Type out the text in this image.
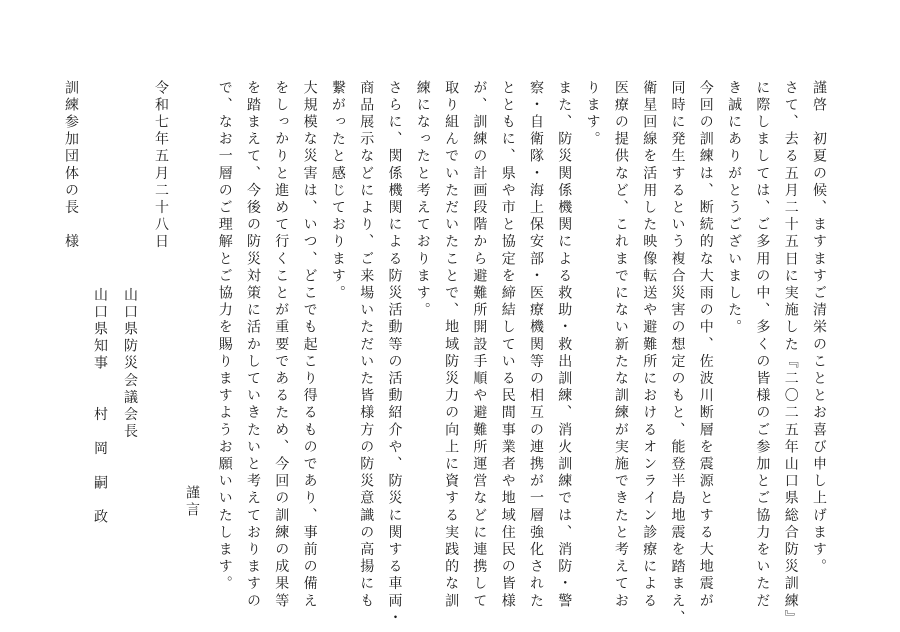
謹啓　初夏の候、ますますご清栄のこととお喜び申し上げます。
さて、去る五月二十五日に実施した『二〇二五年山口県総合防災訓練』
に際しましては、ご多用の中、多くの皆様のご参加とご協力をいただ
き誠にありがとうございました。
今回の訓練は、断続的な大雨の中、佐波川断層を震源とする大地震が
同時に発生するという複合災害の想定のもと、能登半島地震を踏まえ、
衛星回線を活用した映像転送や避難所におけるオンライン診療による
医療の提供など、これまでにない新たな訓練が実施できたと考えてお
ります。
また、防災関係機関による救助・救出訓練、消火訓練では、消防・警
察・自衛隊・海上保安部・医療機関等の相互の連携が一層強化された
とともに、県や市と協定を締結している民間事業者や地域住民の皆様
が、訓練の計画段階から避難所開設手順や避難所運営などに連携して
取り組んでいただいたことで、地域防災力の向上に資する実践的な訓
練になったと考えております。
さらに、関係機関による防災活動等の活動紹介や、防災に関する車両・
商品展示などにより、ご来場いただいた皆様方の防災意識の高揚にも
繋がったと感じております。
大規模な災害は、いつ、どこでも起こり得るものであり、事前の備え
をしっかりと進めて行くことが重要であるため、今回の訓練の成果等
を踏まえて、今後の防災対策に活かしていきたいと考えておりますの
で、なお一層のご理解とご協力を賜りますようお願いいたします。
謹言
山口県防災会議会長
山口県知事　　村　岡　嗣　政
令和七年五月二十八日
訓練参加団体の長　様
